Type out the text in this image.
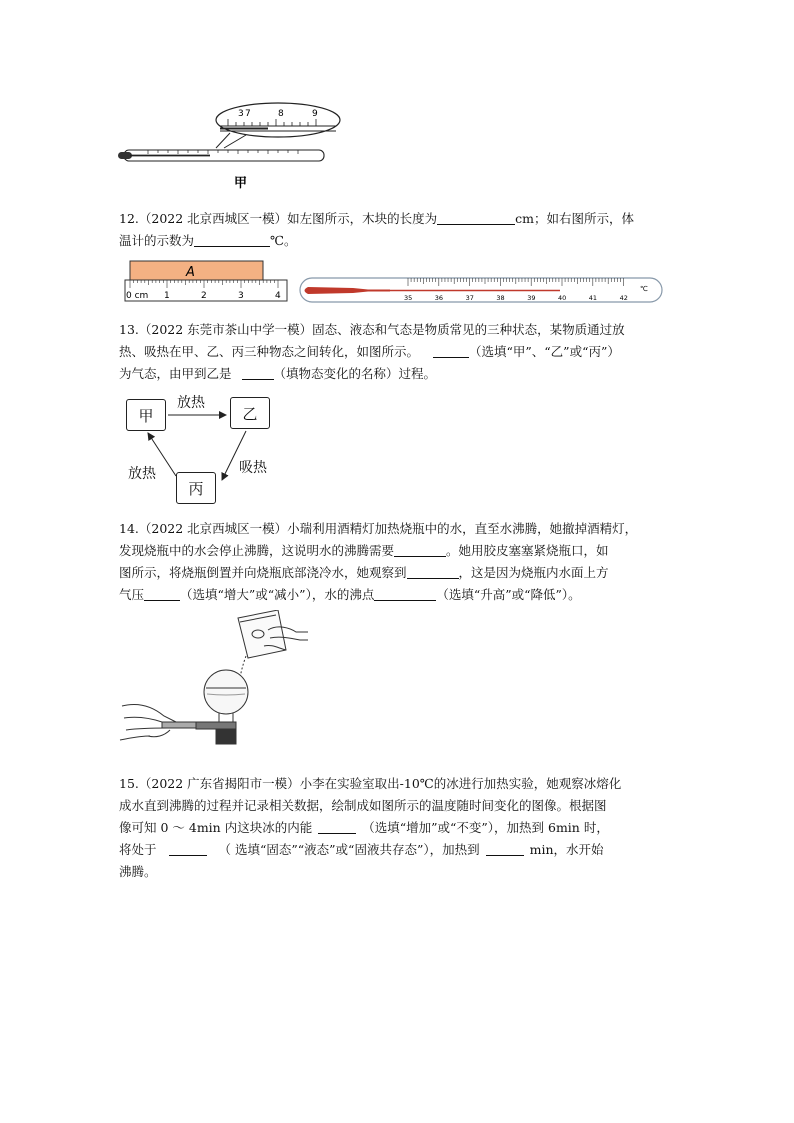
3 7	8	9
甲
12.（2022 北京西城区一模）如左图所示，木块的长度为	cm；如右图所示，体
温计的示数为	℃。
A
0 cm 1	2	3	4	35	36	37	38	39	40	41	42
℃
13.（2022 东莞市茶山中学一模）固态、液态和气态是物质常见的三种状态，某物质通过放
热、吸热在甲、乙、丙三种物态之间转化，如图所示。	（选填“甲”、“乙”或“丙”）
为气态，由甲到乙是	（填物态变化的名称）过程。
甲	乙
丙
放热
吸热
放热
14.（2022 北京西城区一模）小瑞利用酒精灯加热烧瓶中的水，直至水沸腾，她撤掉酒精灯，
发现烧瓶中的水会停止沸腾，这说明水的沸腾需要	。她用胶皮塞塞紧烧瓶口，如
图所示，将烧瓶倒置并向烧瓶底部浇冷水，她观察到	，这是因为烧瓶内水面上方
气压	（选填“增大”或“减小”），水的沸点	（选填“升高”或“降低”）。
15.（2022 广东省揭阳市一模）小李在实验室取出-10℃的冰进行加热实验，她观察冰熔化
成水直到沸腾的过程并记录相关数据，绘制成如图所示的温度随时间变化的图像。根据图
像可知 0 ～ 4min 内这块冰的内能	（选填“增加”或“不变”），加热到 6min 时，
将处于	（ 选填“固态”“液态”或“固液共存态”），加热到	min，水开始
沸腾。
